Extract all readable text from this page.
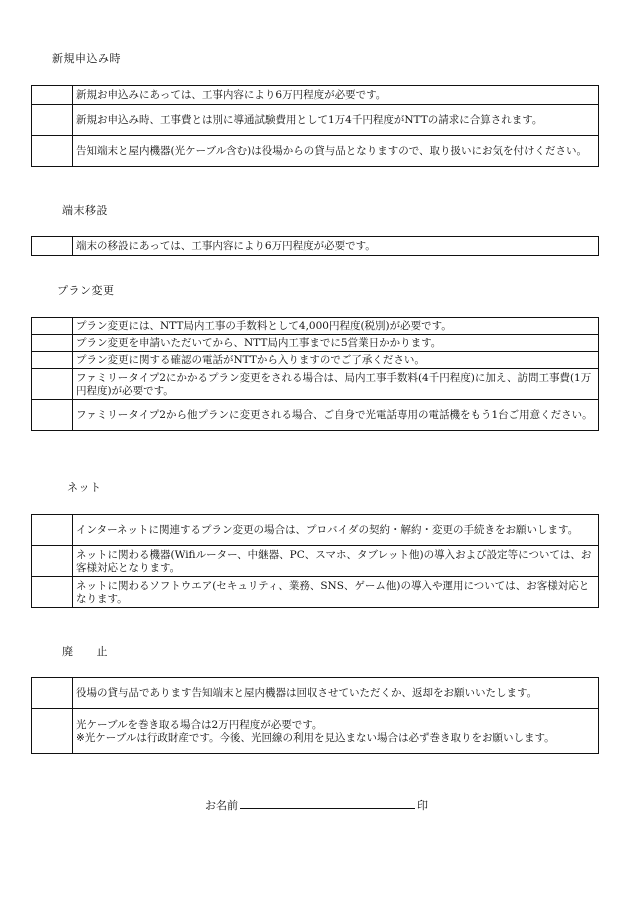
新規申込み時
	新規お申込みにあっては、工事内容により6万円程度が必要です。
	新規お申込み時、工事費とは別に導通試験費用として1万4千円程度がNTTの請求に合算されます。
	告知端末と屋内機器(光ケーブル含む)は役場からの貸与品となりますので、取り扱いにお気を付けください。
端末移設
	端末の移設にあっては、工事内容により6万円程度が必要です。
プラン変更
	プラン変更には、NTT局内工事の手数料として4,000円程度(税別)が必要です。
	プラン変更を申請いただいてから、NTT局内工事までに5営業日かかります。
	プラン変更に関する確認の電話がNTTから入りますのでご了承ください。
	ファミリータイプ2にかかるプラン変更をされる場合は、局内工事手数料(4千円程度)に加え、訪問工事費(1万円程度)が必要です。
	ファミリータイプ2から他プランに変更される場合、ご自身で光電話専用の電話機をもう1台ご用意ください。
ネット
	インターネットに関連するプラン変更の場合は、プロバイダの契約・解約・変更の手続きをお願いします。
	ネットに関わる機器(Wifiルーター、中継器、PC、スマホ、タブレット他)の導入および設定等については、お客様対応となります。
	ネットに関わるソフトウエア(セキュリティ、業務、SNS、ゲーム他)の導入や運用については、お客様対応となります。
廃　　止
	役場の貸与品であります告知端末と屋内機器は回収させていただくか、返却をお願いいたします。
	光ケーブルを巻き取る場合は2万円程度が必要です。
※光ケーブルは行政財産です。今後、光回線の利用を見込まない場合は必ず巻き取りをお願いします。
お名前	印
